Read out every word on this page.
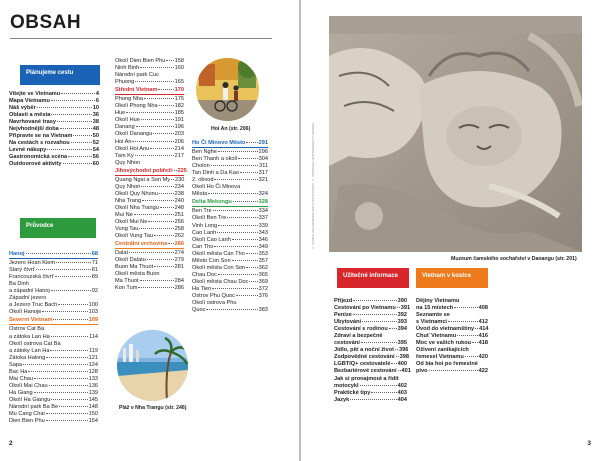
OBSAH
Plánujeme cestu
Vítejte ve Vietnamu	4
Mapa Vietnamu	6
Náš výběr	10
Oblasti a města	36
Navrhované trasy	38
Nejvhodnější doba	48
Připravte se na Vietnam	50
Na cestách s rozvahou	52
Levné nákupy	54
Gastronomická scéna	56
Outdoorové aktivity	60
Průvodce
Hanoj	68
Jezero Hoan Kiem	71
Starý čtvrť	81
Francouzská čtvrť	89
Ba Dinh
a západní Hanoj	92
Západní jezero
a Jezero Truc Bach	100
Okolí Hanoje	103
Severní Vietnam	109
Ostrov Cat Ba
a zátoka Lan Ha	114
Okolí ostrova Cat Ba
a zátoky Lan Ha	119
Zátoka Halong	121
Sapa	124
Bac Ha	128
Mai Chau	133
Okolí Mai Chau	136
Ha Giang	139
Okolí Ha Giangu	145
Národní park Ba Be	148
Mu Cang Chai	150
Dien Bien Phu	154
Okolí Dien Bien Phu 158
Ninh Binh	160
Národní park Cuc
Phuong	165
Střední Vietnam	170
Phong Nha	175
Okolí Phong Nha	182
Hue	185
Okolí Hue	191
Danang	196
Okolí Danangu	203
Hoi An	206
Okolí Hoi Anu	214
Tam Ky	217
Quy Nhon
Jihovýchodní pobřeží 225
Quang Ngai a Son My 230
Quy Nhon	234
Okolí Quy Nhonu	238
Nha Trang	240
Okolí Nha Trangu	248
Mui Ne	251
Okolí Mui Ne	256
Vung Tau	258
Okolí Vung Tau	262
Centrální vrchovina 266
Dalat	274
Okolí Dalatu	279
Buon Ma Thuot	281
Okolí města Buon
Ma Thuot	284
Kon Tum	286
Ho Či Minovo Město 291
Ben Nghe	296
Ben Thanh a okolí	304
Cholon	311
Tan Dinh a Da Kao	317
2. obvod	321
Okolí Ho Či Minova
Města	324
Delta Mekongu	328
Ben Tre	334
Okolí Ben Tre	337
Vinh Long	339
Cao Lanh	343
Okolí Cao Lanh	346
Can Tho	349
Okolí města Can Tho 353
Město Con Son	357
Okolí města Con Son 362
Chau Doc	365
Okolí města Chau Doc 369
Ha Tien	372
Ostrov Phu Quoc	376
Okolí ostrova Phu
Quoc	383
Hoi An (str. 206)
Pláž v Nha Trangu (str. 246)
2
Muzeum čamského sochařství v Danangu (str. 201)
Užitečné informace
Příjezd	390
Cestování po Vietnamu 391
Peníze	392
Ubytování	393
Cestování s rodinou 394
Zdraví a bezpečné
cestování	395
Jídlo, pití a noční život 396
Zodpovědné cestování 398
LGBTIQ+ cestovatelé 400
Bezbariérové cestování 401
Jak si pronajmout a řídit
motocykl	402
Praktické tipy	403
Jazyk	404
Vietnam v kostce
Dějiny Vietnamu
na 15 místech	408
Seznamte se
s Vietnamci	412
Úvod do vietnamštiny 414
Chuť Vietnamu	416
Moc ve vašich rukou 418
Oživení zanikajících
řemesel Vietnamu	420
Od bia hoi po řemeslné
pivo	422
3
© ULRICH HOLLMANN/ALAMY STOCK PHOTO, © BARTOSZ HADYNIAK/GETTY IMAGES
